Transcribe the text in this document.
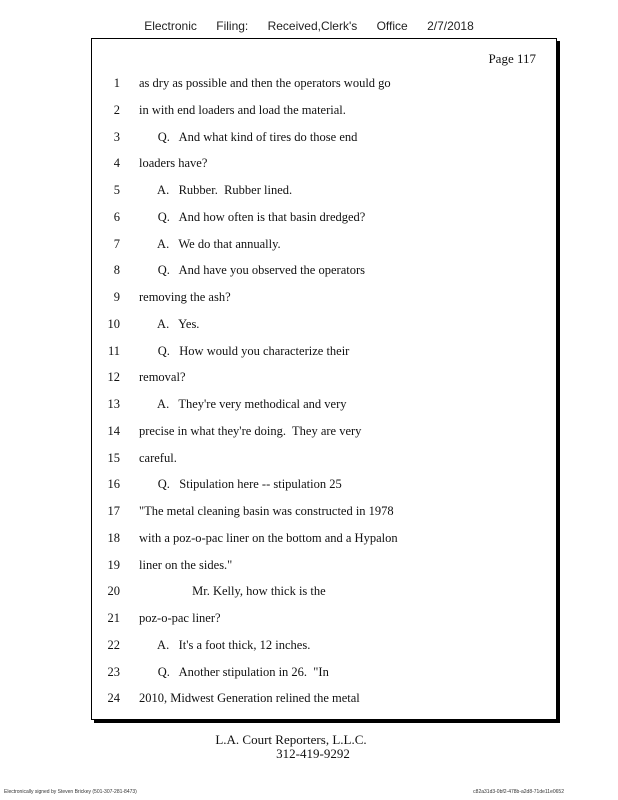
Electronic Filing: Received,Clerk's Office 2/7/2018
Page 117
1 as dry as possible and then the operators would go
2 in with end loaders and load the material.
3 Q.   And what kind of tires do those end
4 loaders have?
5 A.   Rubber.  Rubber lined.
6 Q.   And how often is that basin dredged?
7 A.   We do that annually.
8 Q.   And have you observed the operators
9 removing the ash?
10 A.   Yes.
11 Q.   How would you characterize their
12 removal?
13 A.   They're very methodical and very
14 precise in what they're doing.  They are very
15 careful.
16 Q.   Stipulation here -- stipulation 25
17 "The metal cleaning basin was constructed in 1978
18 with a poz-o-pac liner on the bottom and a Hypalon
19 liner on the sides."
20 Mr. Kelly, how thick is the
21 poz-o-pac liner?
22 A.   It's a foot thick, 12 inches.
23 Q.   Another stipulation in 26.  "In
24 2010, Midwest Generation relined the metal
L.A. Court Reporters, L.L.C.
312-419-9292
Electronically signed by Steven Brickey (501-307-281-8473)	c82a31d3-0bf2-478b-a2d8-71de11e0652
